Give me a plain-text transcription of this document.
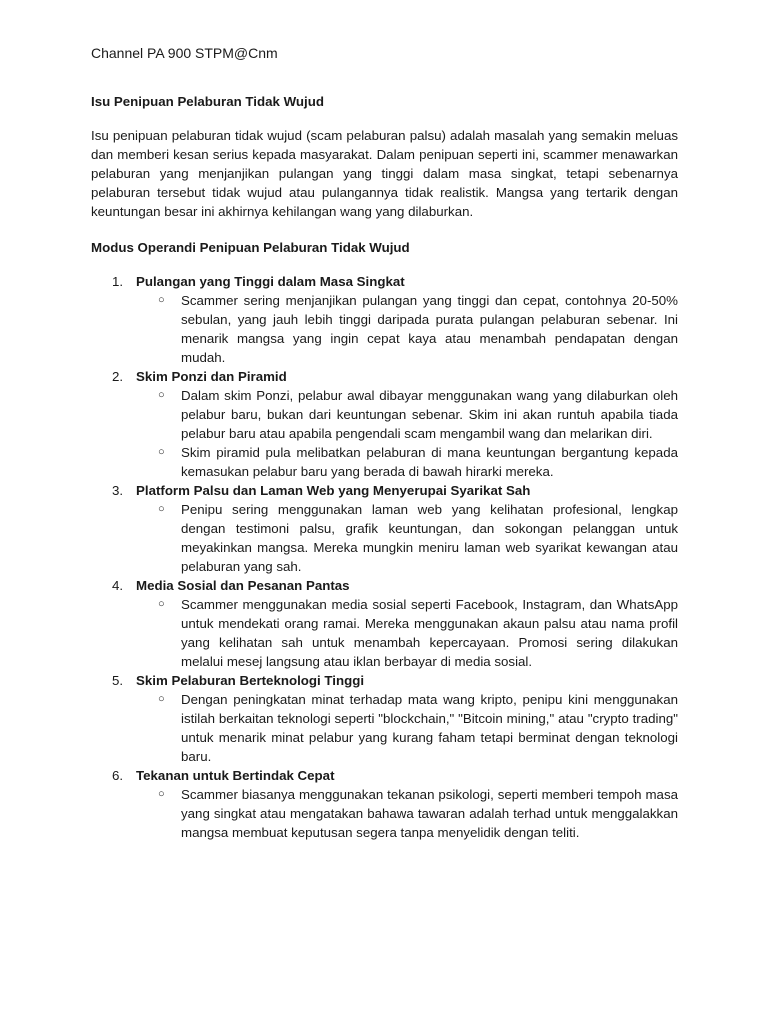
Channel PA 900 STPM@Cnm
Isu Penipuan Pelaburan Tidak Wujud

Isu penipuan pelaburan tidak wujud (scam pelaburan palsu) adalah masalah yang semakin meluas dan memberi kesan serius kepada masyarakat. Dalam penipuan seperti ini, scammer menawarkan pelaburan yang menjanjikan pulangan yang tinggi dalam masa singkat, tetapi sebenarnya pelaburan tersebut tidak wujud atau pulangannya tidak realistik. Mangsa yang tertarik dengan keuntungan besar ini akhirnya kehilangan wang yang dilaburkan.

Modus Operandi Penipuan Pelaburan Tidak Wujud
1. Pulangan yang Tinggi dalam Masa Singkat
○ Scammer sering menjanjikan pulangan yang tinggi dan cepat, contohnya 20-50% sebulan, yang jauh lebih tinggi daripada purata pulangan pelaburan sebenar. Ini menarik mangsa yang ingin cepat kaya atau menambah pendapatan dengan mudah.
2. Skim Ponzi dan Piramid
○ Dalam skim Ponzi, pelabur awal dibayar menggunakan wang yang dilaburkan oleh pelabur baru, bukan dari keuntungan sebenar. Skim ini akan runtuh apabila tiada pelabur baru atau apabila pengendali scam mengambil wang dan melarikan diri.
○ Skim piramid pula melibatkan pelaburan di mana keuntungan bergantung kepada kemasukan pelabur baru yang berada di bawah hirarki mereka.
3. Platform Palsu dan Laman Web yang Menyerupai Syarikat Sah
○ Penipu sering menggunakan laman web yang kelihatan profesional, lengkap dengan testimoni palsu, grafik keuntungan, dan sokongan pelanggan untuk meyakinkan mangsa. Mereka mungkin meniru laman web syarikat kewangan atau pelaburan yang sah.
4. Media Sosial dan Pesanan Pantas
○ Scammer menggunakan media sosial seperti Facebook, Instagram, dan WhatsApp untuk mendekati orang ramai. Mereka menggunakan akaun palsu atau nama profil yang kelihatan sah untuk menambah kepercayaan. Promosi sering dilakukan melalui mesej langsung atau iklan berbayar di media sosial.
5. Skim Pelaburan Berteknologi Tinggi
○ Dengan peningkatan minat terhadap mata wang kripto, penipu kini menggunakan istilah berkaitan teknologi seperti "blockchain," "Bitcoin mining," atau "crypto trading" untuk menarik minat pelabur yang kurang faham tetapi berminat dengan teknologi baru.
6. Tekanan untuk Bertindak Cepat
○ Scammer biasanya menggunakan tekanan psikologi, seperti memberi tempoh masa yang singkat atau mengatakan bahawa tawaran adalah terhad untuk menggalakkan mangsa membuat keputusan segera tanpa menyelidik dengan teliti.
